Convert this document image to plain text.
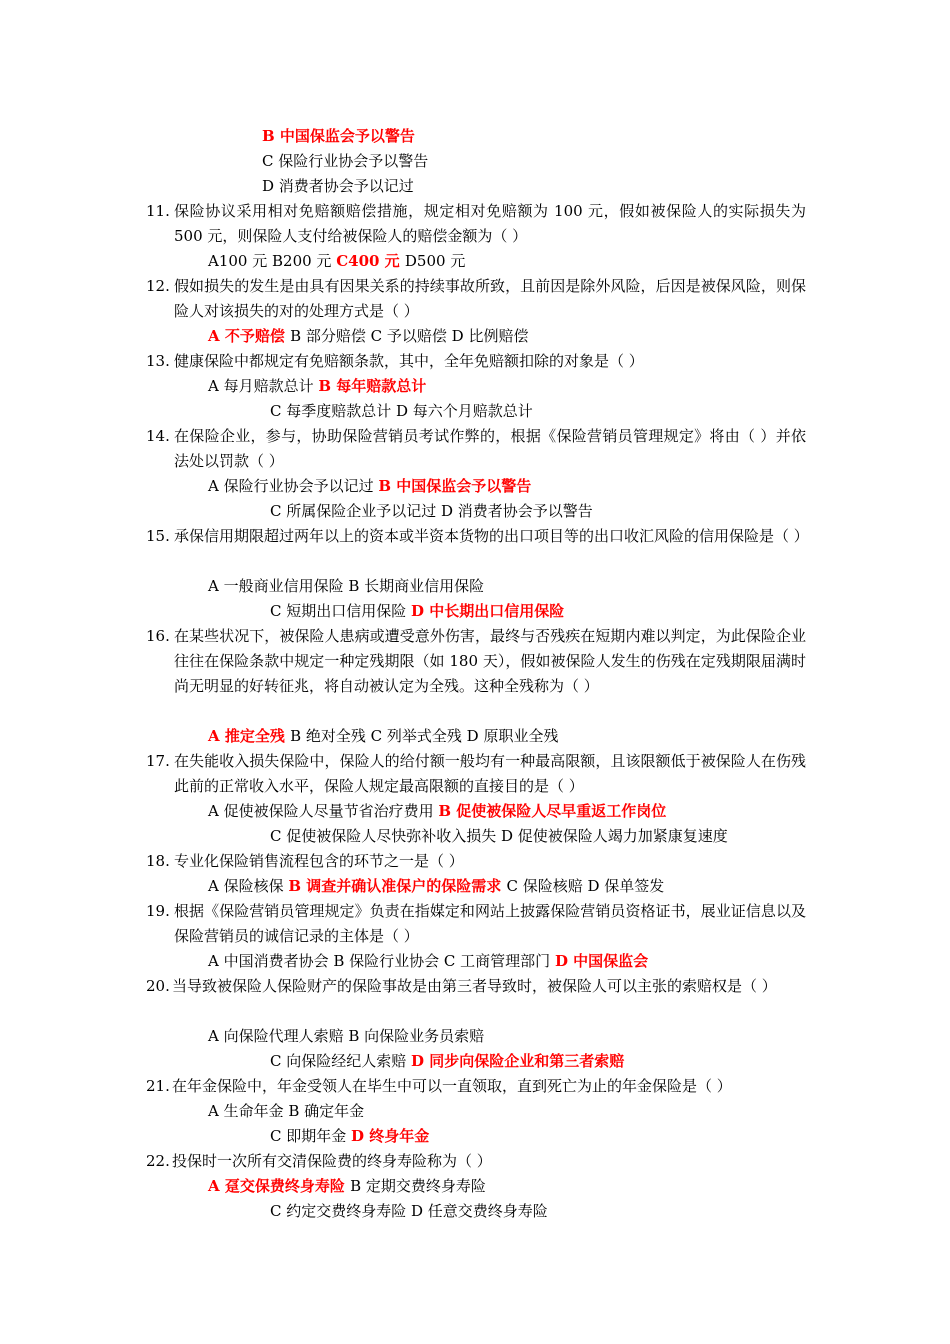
B 中国保监会予以警告
C 保险行业协会予以警告
D 消费者协会予以记过
11. 保险协议采用相对免赔额赔偿措施，规定相对免赔额为 100 元，假如被保险人的实际损失为 500 元，则保险人支付给被保险人的赔偿金额为（ ）
A100 元 B200 元 C400 元 D500 元
12. 假如损失的发生是由具有因果关系的持续事故所致，且前因是除外风险，后因是被保风险，则保险人对该损失的对的处理方式是（ ）
A 不予赔偿 B 部分赔偿 C 予以赔偿 D 比例赔偿
13. 健康保险中都规定有免赔额条款，其中，全年免赔额扣除的对象是（ ）
A 每月赔款总计 B 每年赔款总计
C 每季度赔款总计 D 每六个月赔款总计
14. 在保险企业，参与，协助保险营销员考试作弊的，根据《保险营销员管理规定》将由（ ）并依法处以罚款（ ）
A 保险行业协会予以记过 B 中国保监会予以警告
C 所属保险企业予以记过 D 消费者协会予以警告
15. 承保信用期限超过两年以上的资本或半资本货物的出口项目等的出口收汇风险的信用保险是（ ）
A 一般商业信用保险 B 长期商业信用保险
C 短期出口信用保险 D 中长期出口信用保险
16. 在某些状况下，被保险人患病或遭受意外伤害，最终与否残疾在短期内难以判定，为此保险企业往往在保险条款中规定一种定残期限（如 180 天），假如被保险人发生的伤残在定残期限届满时尚无明显的好转征兆，将自动被认定为全残。这种全残称为（ ）
A 推定全残 B 绝对全残 C 列举式全残 D 原职业全残
17. 在失能收入损失保险中，保险人的给付额一般均有一种最高限额，且该限额低于被保险人在伤残此前的正常收入水平，保险人规定最高限额的直接目的是（ ）
A 促使被保险人尽量节省治疗费用 B 促使被保险人尽早重返工作岗位
C 促使被保险人尽快弥补收入损失 D 促使被保险人竭力加紧康复速度
18. 专业化保险销售流程包含的环节之一是（ ）
A 保险核保 B 调查并确认准保户的保险需求 C 保险核赔 D 保单签发
19. 根据《保险营销员管理规定》负责在指媒定和网站上披露保险营销员资格证书，展业证信息以及保险营销员的诚信记录的主体是（ ）
A 中国消费者协会 B 保险行业协会 C 工商管理部门 D 中国保监会
20. 当导致被保险人保险财产的保险事故是由第三者导致时，被保险人可以主张的索赔权是（ ）
A 向保险代理人索赔 B 向保险业务员索赔
C 向保险经纪人索赔 D 同步向保险企业和第三者索赔
21. 在年金保险中，年金受领人在毕生中可以一直领取，直到死亡为止的年金保险是（ ）
A 生命年金 B 确定年金
C 即期年金 D 终身年金
22. 投保时一次所有交清保险费的终身寿险称为（ ）
A 趸交保费终身寿险 B 定期交费终身寿险
C 约定交费终身寿险 D 任意交费终身寿险
